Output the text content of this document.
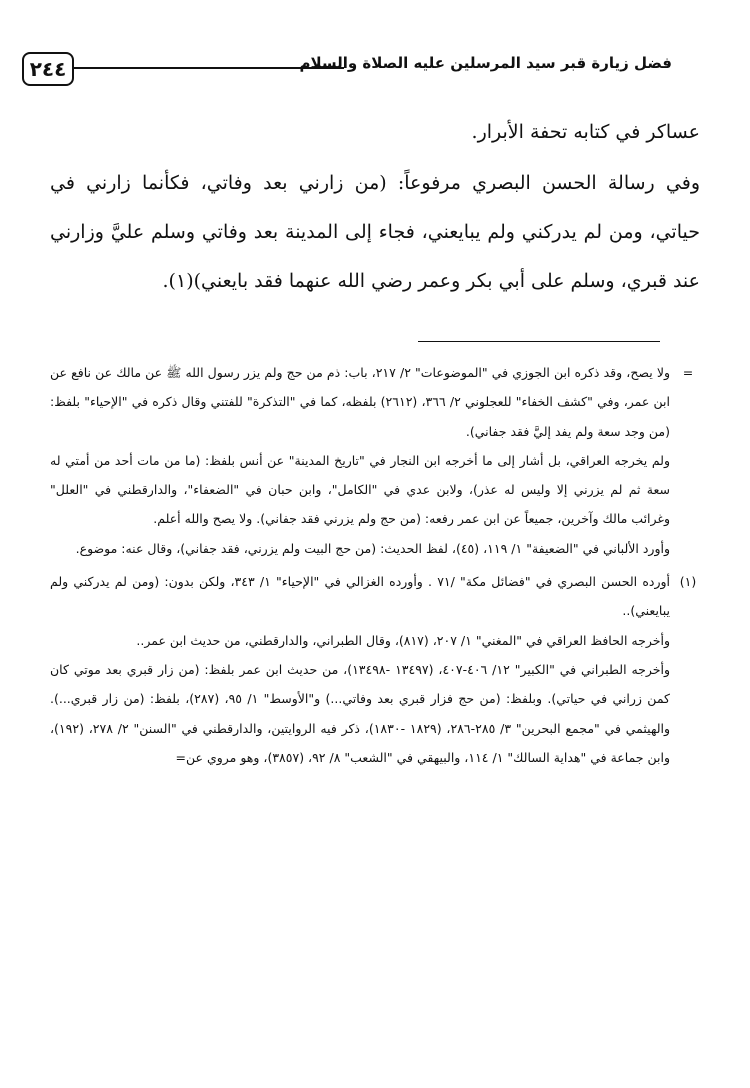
٢٤٤	فضل زيارة قبر سيد المرسلين عليه الصلاة والسلام

عساكر في كتابه تحفة الأبرار.

وفي رسالة الحسن البصري مرفوعاً: (من زارني بعد وفاتي، فكأنما زارني في حياتي، ومن لم يدركني ولم يبايعني، فجاء إلى المدينة بعد وفاتي وسلم عليَّ وزارني عند قبري، وسلم على أبي بكر وعمر رضي الله عنهما فقد بايعني)(١).

=

ولا يصح، وقد ذكره ابن الجوزي في "الموضوعات" ٢/ ٢١٧، باب: ذم من حج ولم يزر رسول الله ﷺ عن مالك عن نافع عن ابن عمر، وفي "كشف الخفاء" للعجلوني ٢/ ٣٦٦، (٢٦١٢) بلفظه، كما في "التذكرة" للفتني وقال ذكره في "الإحياء" بلفظ: (من وجد سعة ولم يفد إليَّ فقد جفاني).

ولم يخرجه العراقي، بل أشار إلى ما أخرجه ابن النجار في "تاريخ المدينة" عن أنس بلفظ: (ما من مات أحد من أمتي له سعة ثم لم يزرني إلا وليس له عذر)، ولابن عدي في "الكامل"، وابن حبان في "الضعفاء"، والدارقطني في "العلل" وغرائب مالك وآخرين، جميعاً عن ابن عمر رفعه: (من حج ولم يزرني فقد جفاني). ولا يصح والله أعلم.

وأورد الألباني في "الضعيفة" ١/ ١١٩، (٤٥)، لفظ الحديث: (من حج البيت ولم يزرني، فقد جفاني)، وقال عنه: موضوع.

(١)

أورده الحسن البصري في "فضائل مكة" /٧١ . وأورده الغزالي في "الإحياء" ١/ ٣٤٣، ولكن بدون: (ومن لم يدركني ولم يبايعني)..

وأخرجه الحافظ العراقي في "المغني" ١/ ٢٠٧، (٨١٧)، وقال الطبراني، والدارقطني، من حديث ابن عمر..

وأخرجه الطبراني في "الكبير" ١٢/ ٤٠٦-٤٠٧، (١٣٤٩٧ -١٣٤٩٨)، من حديث ابن عمر بلفظ: (من زار قبري بعد موتي كان كمن زراني في حياتي). وبلفظ: (من حج فزار قبري بعد وفاتي...) و"الأوسط" ١/ ٩٥، (٢٨٧)، بلفظ: (من زار قبري...). والهيثمي في "مجمع البحرين" ٣/ ٢٨٥-٢٨٦، (١٨٢٩ -١٨٣٠)، ذكر فيه الروايتين، والدارقطني في "السنن" ٢/ ٢٧٨، (١٩٢)، وابن جماعة في "هداية السالك" ١/ ١١٤، والبيهقي في "الشعب" ٨/ ٩٢، (٣٨٥٧)، وهو مروي عن=
